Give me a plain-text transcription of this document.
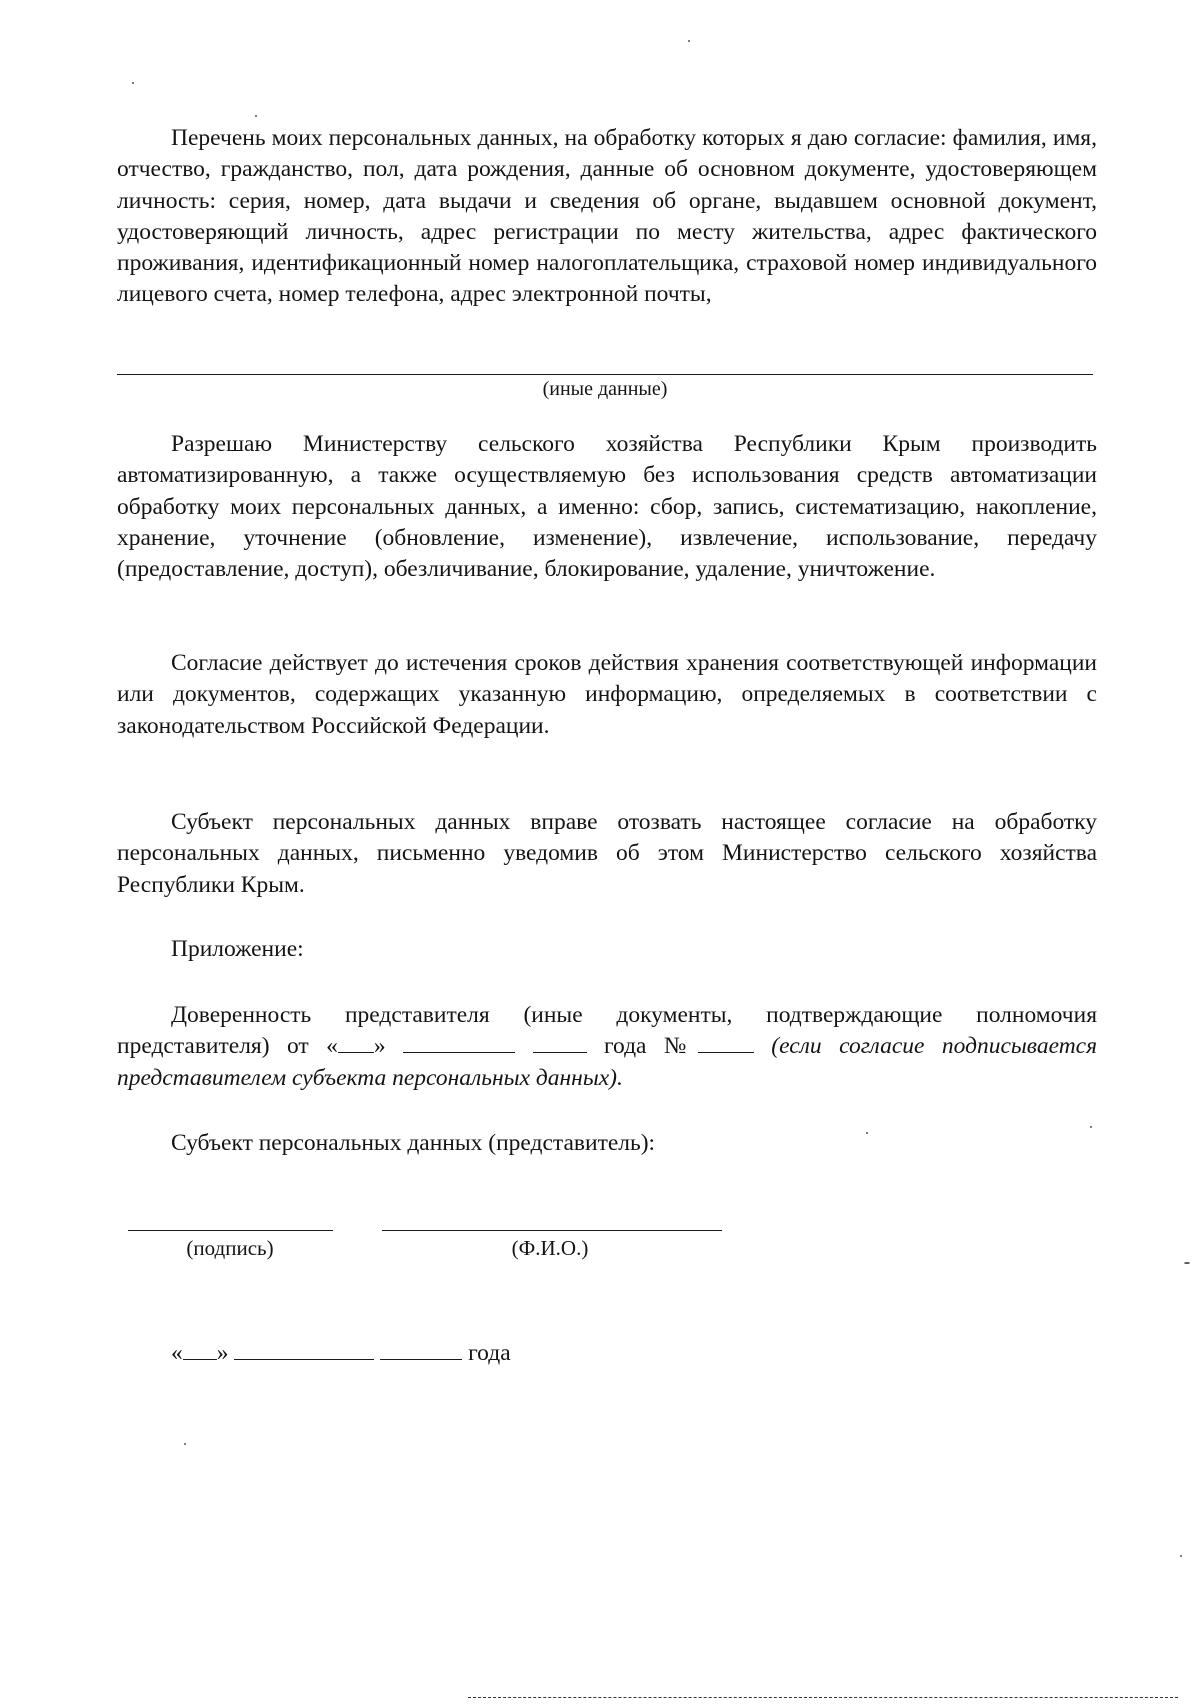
Перечень моих персональных данных, на обработку которых я даю согласие: фамилия, имя, отчество, гражданство, пол, дата рождения, данные об основном документе, удостоверяющем личность: серия, номер, дата выдачи и сведения об органе, выдавшем основной документ, удостоверяющий личность, адрес регистрации по месту жительства, адрес фактического проживания, идентификационный номер налогоплательщика, страховой номер индивидуального лицевого счета, номер телефона, адрес электронной почты,

(иные данные)

Разрешаю Министерству сельского хозяйства Республики Крым производить автоматизированную, а также осуществляемую без использования средств автоматизации обработку моих персональных данных, а именно: сбор, запись, систематизацию, накопление, хранение, уточнение (обновление, изменение), извлечение, использование, передачу (предоставление, доступ), обезличивание, блокирование, удаление, уничтожение.

Согласие действует до истечения сроков действия хранения соответствующей информации или документов, содержащих указанную информацию, определяемых в соответствии с законодательством Российской Федерации.

Субъект персональных данных вправе отозвать настоящее согласие на обработку персональных данных, письменно уведомив об этом Министерство сельского хозяйства Республики Крым.

Приложение:

Доверенность представителя (иные документы, подтверждающие полномочия представителя) от « »	года №	(если согласие подписывается представителем субъекта персональных данных).

Субъект персональных данных (представитель):

(подпись)	(Ф.И.О.)
« »	года
